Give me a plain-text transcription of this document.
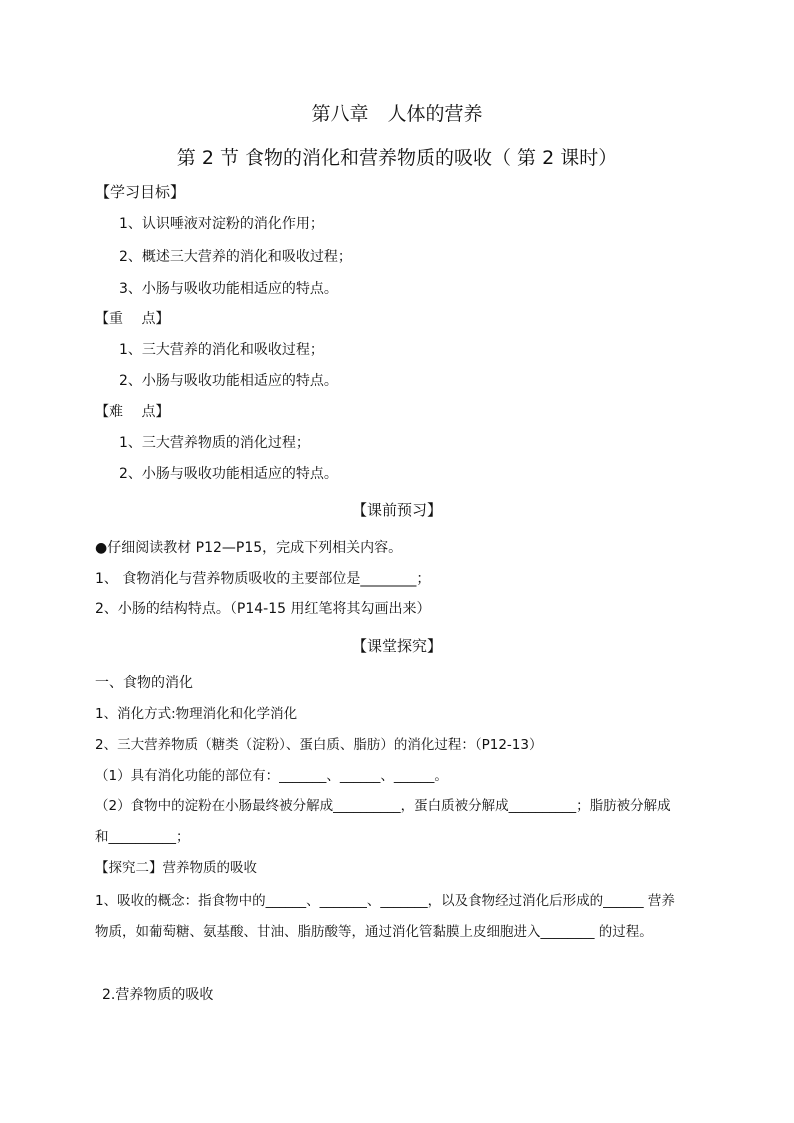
第八章　人体的营养
第 2 节 食物的消化和营养物质的吸收（ 第 2 课时）
【学习目标】
1、认识唾液对淀粉的消化作用；
2、概述三大营养的消化和吸收过程；
3、小肠与吸收功能相适应的特点。
【重　 点】
1、三大营养的消化和吸收过程；
2、小肠与吸收功能相适应的特点。
【难　 点】
1、三大营养物质的消化过程；
2、小肠与吸收功能相适应的特点。
【课前预习】
●仔细阅读教材 P12—P15，完成下列相关内容。
1、 食物消化与营养物质吸收的主要部位是________；
2、小肠的结构特点。（P14-15 用红笔将其勾画出来）
【课堂探究】
一、食物的消化
1、消化方式:物理消化和化学消化
2、三大营养物质（糖类（淀粉）、蛋白质、脂肪）的消化过程：（P12-13）
（1）具有消化功能的部位有：_______、______、______。
（2）食物中的淀粉在小肠最终被分解成__________，蛋白质被分解成__________；脂肪被分解成
和__________；
【探究二】营养物质的吸收
1、吸收的概念：指食物中的______、_______、_______，以及食物经过消化后形成的______ 营养
物质，如葡萄糖、氨基酸、甘油、脂肪酸等，通过消化管黏膜上皮细胞进入________ 的过程。
2.营养物质的吸收
